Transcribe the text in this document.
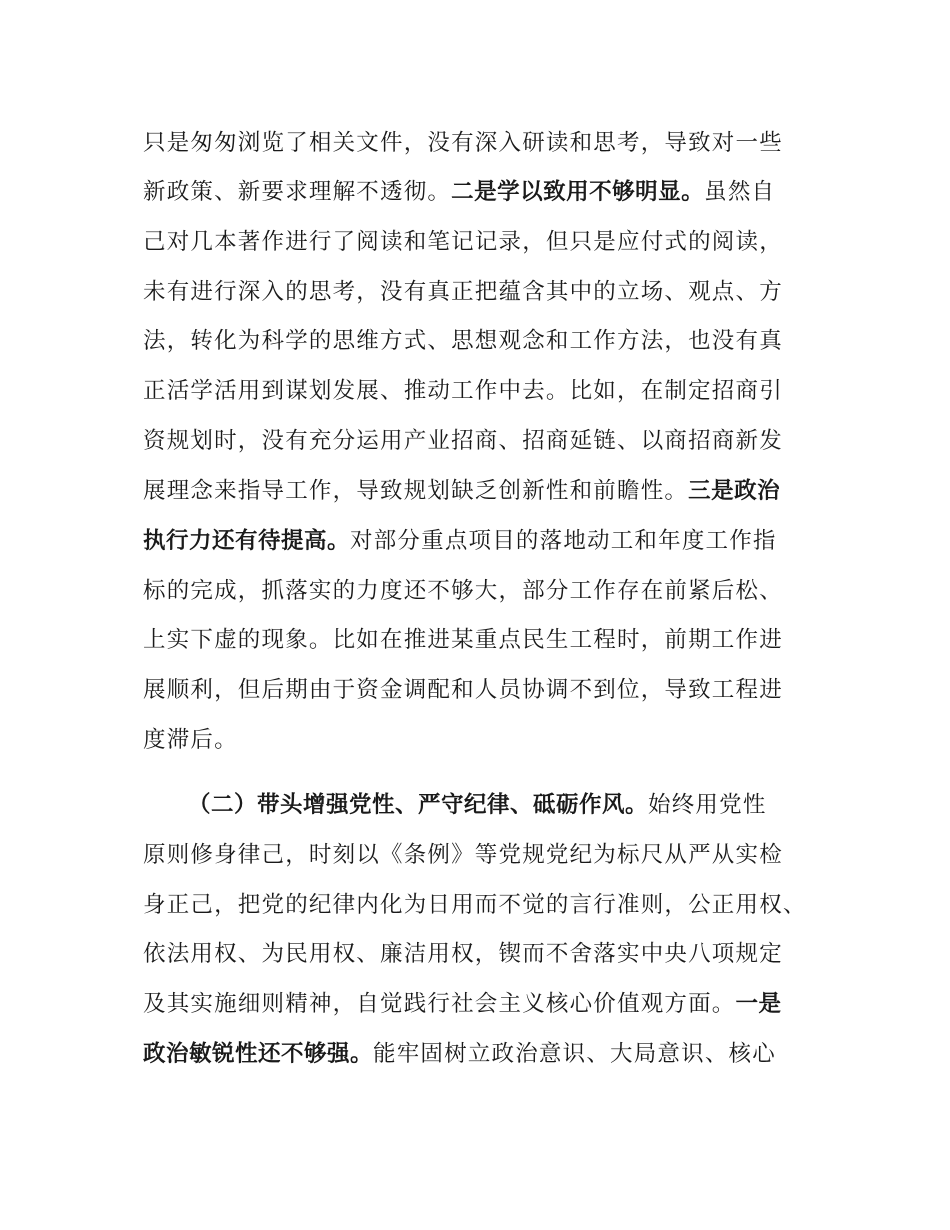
只是匆匆浏览了相关文件，没有深入研读和思考，导致对一些
新政策、新要求理解不透彻。二是学以致用不够明显。虽然自
己对几本著作进行了阅读和笔记记录，但只是应付式的阅读，
未有进行深入的思考，没有真正把蕴含其中的立场、观点、方
法，转化为科学的思维方式、思想观念和工作方法，也没有真
正活学活用到谋划发展、推动工作中去。比如，在制定招商引
资规划时，没有充分运用产业招商、招商延链、以商招商新发
展理念来指导工作，导致规划缺乏创新性和前瞻性。三是政治
执行力还有待提高。对部分重点项目的落地动工和年度工作指
标的完成，抓落实的力度还不够大，部分工作存在前紧后松、
上实下虚的现象。比如在推进某重点民生工程时，前期工作进
展顺利，但后期由于资金调配和人员协调不到位，导致工程进
度滞后。
（二）带头增强党性、严守纪律、砥砺作风。始终用党性
原则修身律己，时刻以《条例》等党规党纪为标尺从严从实检
身正己，把党的纪律内化为日用而不觉的言行准则，公正用权、
依法用权、为民用权、廉洁用权，锲而不舍落实中央八项规定
及其实施细则精神，自觉践行社会主义核心价值观方面。一是
政治敏锐性还不够强。能牢固树立政治意识、大局意识、核心
